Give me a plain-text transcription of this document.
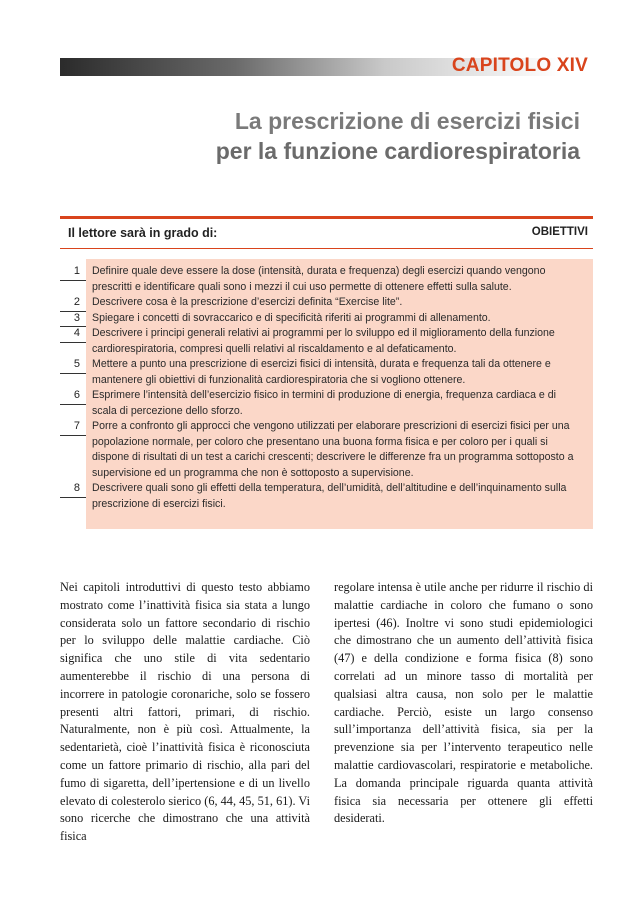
CAPITOLO XIV
La prescrizione di esercizi fisici
per la funzione cardiorespiratoria
Il lettore sarà in grado di:	OBIETTIVI
1	Definire quale deve essere la dose (intensità, durata e frequenza) degli esercizi quando vengono prescritti e identificare quali sono i mezzi il cui uso permette di ottenere effetti sulla salute.
2	Descrivere cosa è la prescrizione d’esercizi definita “Exercise lite”.
3	Spiegare i concetti di sovraccarico e di specificità riferiti ai programmi di allenamento.
4	Descrivere i principi generali relativi ai programmi per lo sviluppo ed il miglioramento della funzione cardiorespiratoria, compresi quelli relativi al riscaldamento e al defaticamento.
5	Mettere a punto una prescrizione di esercizi fisici di intensità, durata e frequenza tali da ottenere e mantenere gli obiettivi di funzionalità cardiorespiratoria che si vogliono ottenere.
6	Esprimere l’intensità dell’esercizio fisico in termini di produzione di energia, frequenza cardiaca e di scala di percezione dello sforzo.
7	Porre a confronto gli approcci che vengono utilizzati per elaborare prescrizioni di esercizi fisici per una popolazione normale, per coloro che presentano una buona forma fisica e per coloro per i quali si dispone di risultati di un test a carichi crescenti; descrivere le differenze fra un programma sottoposto a supervisione ed un programma che non è sottoposto a supervisione.
8	Descrivere quali sono gli effetti della temperatura, dell’umidità, dell’altitudine e dell’inquinamento sulla prescrizione di esercizi fisici.
Nei capitoli introduttivi di questo testo abbiamo mostrato come l’inattività fisica sia stata a lungo considerata solo un fattore secondario di rischio per lo sviluppo delle malattie cardiache. Ciò significa che uno stile di vita sedentario aumenterebbe il rischio di una persona di incorrere in patologie coronariche, solo se fossero presenti altri fattori, primari, di rischio. Naturalmente, non è più così. Attualmente, la sedentarietà, cioè l’inattività fisica è riconosciuta come un fattore primario di rischio, alla pari del fumo di sigaretta, dell’ipertensione e di un livello elevato di colesterolo sierico (6, 44, 45, 51, 61). Vi sono ricerche che dimostrano che una attività fisica
regolare intensa è utile anche per ridurre il rischio di malattie cardiache in coloro che fumano o sono ipertesi (46). Inoltre vi sono studi epidemiologici che dimostrano che un aumento dell’attività fisica (47) e della condizione e forma fisica (8) sono correlati ad un minore tasso di mortalità per qualsiasi altra causa, non solo per le malattie cardiache. Perciò, esiste un largo consenso sull’importanza dell’attività fisica, sia per la prevenzione sia per l’intervento terapeutico nelle malattie cardiovascolari, respiratorie e metaboliche. La domanda principale riguarda quanta attività fisica sia necessaria per ottenere gli effetti desiderati.
